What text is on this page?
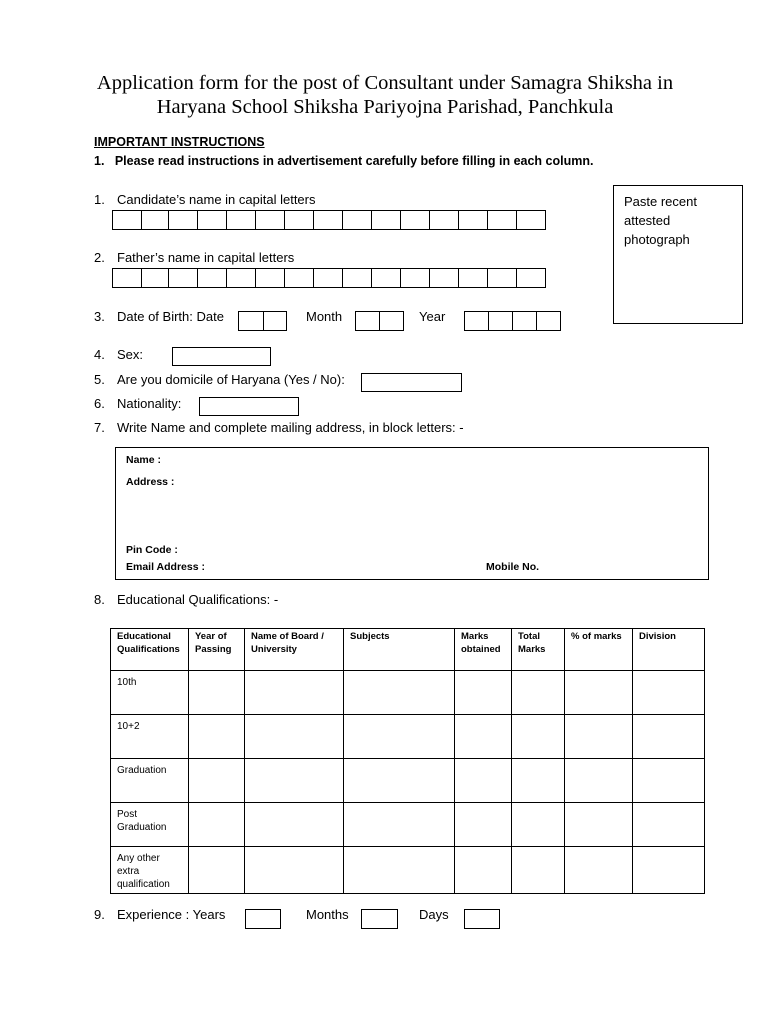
Application form for the post of Consultant under Samagra Shiksha in
Haryana School Shiksha Pariyojna Parishad, Panchkula
IMPORTANT INSTRUCTIONS
1.   Please read instructions in advertisement carefully before filling in each column.
Paste recent
attested
photograph
1. Candidate’s name in capital letters
2. Father’s name in capital letters
3. Date of Birth: Date	Month	Year
4. Sex:
5. Are you domicile of Haryana (Yes / No):
6. Nationality:
7. Write Name and complete mailing address, in block letters: -
Name :
Address :
Pin Code :
Email Address :	Mobile No.
8. Educational Qualifications: -
Educational Qualifications	Year of Passing	Name of Board / University	Subjects	Marks obtained	Total Marks	% of marks	Division
10th							
10+2							
Graduation							
Post Graduation							
Any other extra qualification							
9. Experience : Years	Months	Days
